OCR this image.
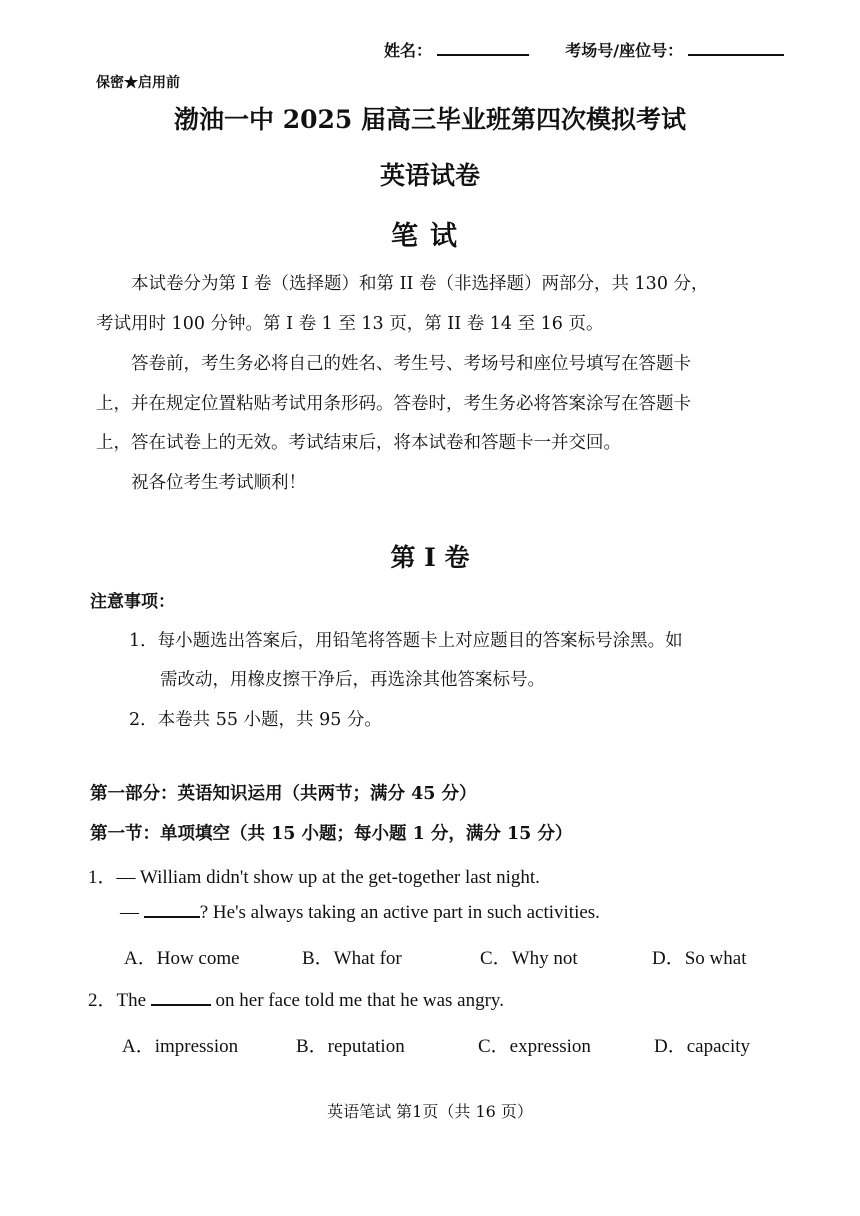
姓名：	考场号/座位号：
保密★启用前
渤油一中 2025 届高三毕业班第四次模拟考试
英语试卷
笔试
本试卷分为第 I 卷（选择题）和第 II 卷（非选择题）两部分，共 130 分，
考试用时 100 分钟。第 I 卷 1 至 13 页，第 II 卷 14 至 16 页。
答卷前，考生务必将自己的姓名、考生号、考场号和座位号填写在答题卡
上，并在规定位置粘贴考试用条形码。答卷时，考生务必将答案涂写在答题卡
上，答在试卷上的无效。考试结束后，将本试卷和答题卡一并交回。
祝各位考生考试顺利！
第 I 卷
注意事项：
1．每小题选出答案后，用铅笔将答题卡上对应题目的答案标号涂黑。如
需改动，用橡皮擦干净后，再选涂其他答案标号。
2．本卷共 55 小题，共 95 分。
第一部分：英语知识运用（共两节；满分 45 分）
第一节：单项填空（共 15 小题；每小题 1 分，满分 15 分）
1．— William didn't show up at the get-together last night.
—	? He's always taking an active part in such activities.
A．How come	B．What for	C．Why not	D．So what
2．The	on her face told me that he was angry.
A．impression	B．reputation	C．expression	D．capacity
英语笔试 第1页（共 16 页）
